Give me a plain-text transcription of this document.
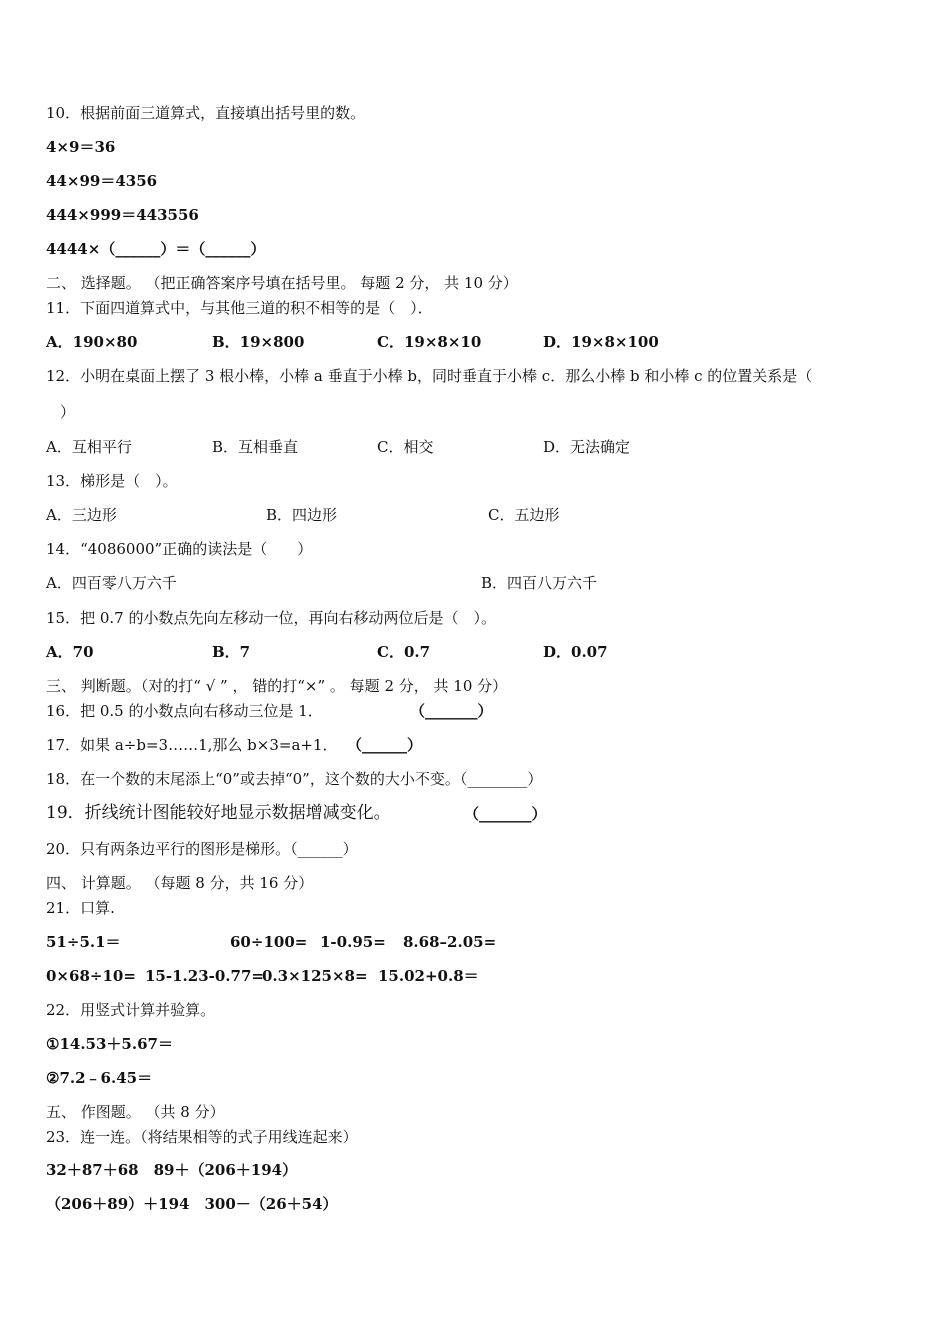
10．根据前面三道算式，直接填出括号里的数。
4×9＝36
44×99＝4356
444×999＝443556
4444×（______）＝（______）
二、 选择题。 （把正确答案序号填在括号里。 每题 2 分， 共 10 分）
11．下面四道算式中，与其他三道的积不相等的是（　）．
A．190×80	B．19×800	C．19×8×10	D．19×8×100
12．小明在桌面上摆了 3 根小棒，小棒 a 垂直于小棒 b，同时垂直于小棒 c．那么小棒 b 和小棒 c 的位置关系是（
）
A．互相平行	B．互相垂直	C．相交	D．无法确定
13．梯形是（　）。
A．三边形	B．四边形	C．五边形
14．“4086000”正确的读法是（　　）
A．四百零八万六千	B．四百八万六千
15．把 0.7 的小数点先向左移动一位，再向右移动两位后是（　）。
A．70	B．7	C．0.7	D．0.07
三、 判断题。（对的打“ √ ” ， 错的打“×” 。 每题 2 分， 共 10 分）
16．把 0.5 的小数点向右移动三位是 1．	（_______）
17．如果 a÷b=3……1,那么 b×3=a+1． （______）
18．在一个数的末尾添上“0”或去掉“0”，这个数的大小不变。（________）
19．折线统计图能较好地显示数据增减变化。	（_______）
20．只有两条边平行的图形是梯形。（______）
四、 计算题。 （每题 8 分，共 16 分）
21．口算.
51÷5.1＝	60÷100= 1-0.95= 8.68–2.05=
0×68÷10= 15-1.23-0.77=
0.3×125×8= 15.02+0.8＝
22．用竖式计算并验算。
①14.53＋5.67＝
②7.2﹣6.45＝
五、 作图题。 （共 8 分）
23．连一连。（将结果相等的式子用线连起来）
32＋87＋68　89＋（206＋194）
（206＋89）＋194　300－（26＋54）
